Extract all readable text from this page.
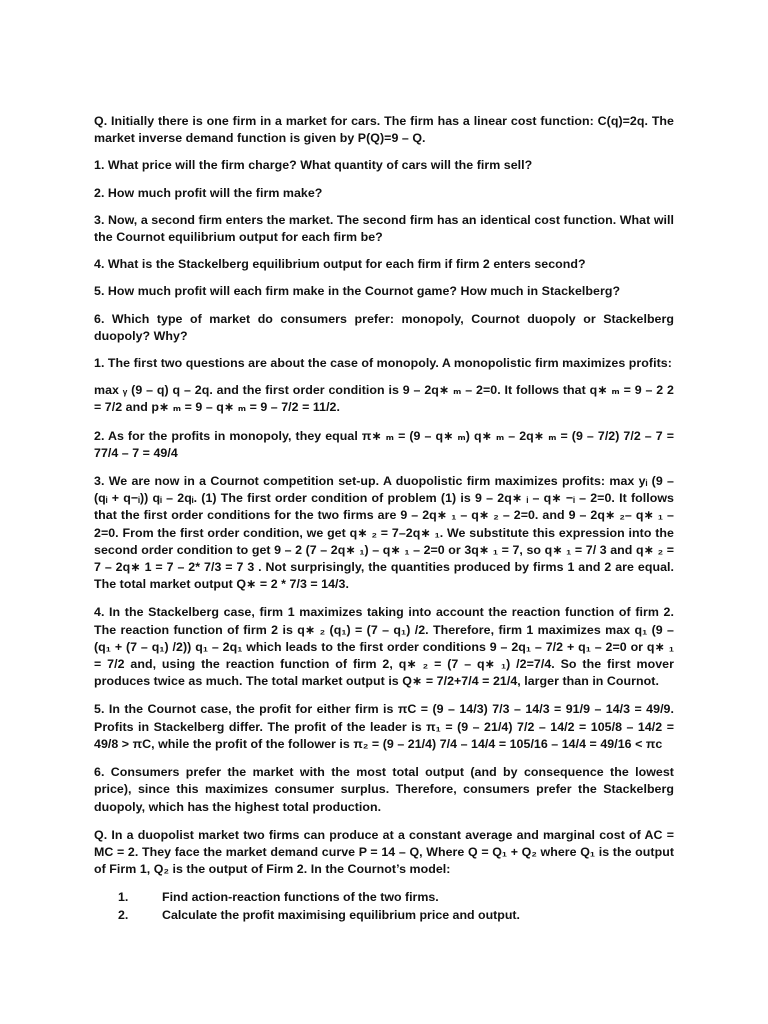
Q. Initially there is one firm in a market for cars. The firm has a linear cost function: C(q)=2q. The market inverse demand function is given by P(Q)=9 – Q.

1. What price will the firm charge? What quantity of cars will the firm sell?

2. How much profit will the firm make?

3. Now, a second firm enters the market. The second firm has an identical cost function. What will the Cournot equilibrium output for each firm be?

4. What is the Stackelberg equilibrium output for each firm if firm 2 enters second?

5. How much profit will each firm make in the Cournot game? How much in Stackelberg?

6. Which type of market do consumers prefer: monopoly, Cournot duopoly or Stackelberg duopoly? Why?

1. The first two questions are about the case of monopoly. A monopolistic firm maximizes profits:

max ᵧ (9 – q) q – 2q. and the first order condition is 9 – 2q∗ ₘ – 2=0. It follows that q∗ ₘ = 9 – 2 2 = 7/2 and p∗ ₘ = 9 – q∗ ₘ = 9 – 7/2 = 11/2.

2. As for the profits in monopoly, they equal π∗ ₘ = (9 – q∗ ₘ) q∗ ₘ – 2q∗ ₘ = (9 – 7/2) 7/2 – 7 = 77/4 – 7 = 49/4

3. We are now in a Cournot competition set-up. A duopolistic firm maximizes profits: max yᵢ (9 – (qᵢ + q−ᵢ)) qᵢ – 2qᵢ. (1) The first order condition of problem (1) is 9 – 2q∗ ᵢ – q∗ −ᵢ – 2=0. It follows that the first order conditions for the two firms are 9 – 2q∗ ₁ – q∗ ₂ – 2=0. and 9 – 2q∗ ₂– q∗ ₁ – 2=0. From the first order condition, we get q∗ ₂ = 7–2q∗ ₁. We substitute this expression into the second order condition to get 9 – 2 (7 – 2q∗ ₁) – q∗ ₁ – 2=0 or 3q∗ ₁ = 7, so q∗ ₁ = 7/ 3 and q∗ ₂ = 7 – 2q∗ 1 = 7 – 2* 7/3 = 7 3 . Not surprisingly, the quantities produced by firms 1 and 2 are equal. The total market output Q∗ = 2 * 7/3 = 14/3.

4. In the Stackelberg case, firm 1 maximizes taking into account the reaction function of firm 2. The reaction function of firm 2 is q∗ ₂ (q₁) = (7 – q₁) /2. Therefore, firm 1 maximizes max q₁ (9 – (q₁ + (7 – q₁) /2)) q₁ – 2q₁ which leads to the first order conditions 9 – 2q₁ – 7/2 + q₁ – 2=0 or q∗ ₁ = 7/2 and, using the reaction function of firm 2, q∗ ₂ = (7 – q∗ ₁) /2=7/4. So the first mover produces twice as much. The total market output is Q∗ = 7/2+7/4 = 21/4, larger than in Cournot.

5. In the Cournot case, the profit for either firm is πC = (9 – 14/3) 7/3 – 14/3 = 91/9 – 14/3 = 49/9. Profits in Stackelberg differ. The profit of the leader is π₁ = (9 – 21/4) 7/2 – 14/2 = 105/8 – 14/2 = 49/8 > πC, while the profit of the follower is π₂ = (9 – 21/4) 7/4 – 14/4 = 105/16 – 14/4 = 49/16 < πc

6. Consumers prefer the market with the most total output (and by consequence the lowest price), since this maximizes consumer surplus. Therefore, consumers prefer the Stackelberg duopoly, which has the highest total production.

Q. In a duopolist market two firms can produce at a constant average and marginal cost of AC = MC = 2. They face the market demand curve P = 14 – Q, Where Q = Q₁ + Q₂ where Q₁ is the output of Firm 1, Q₂ is the output of Firm 2. In the Cournot’s model:

1.	Find action-reaction functions of the two firms.
2.	Calculate the profit maximising equilibrium price and output.
